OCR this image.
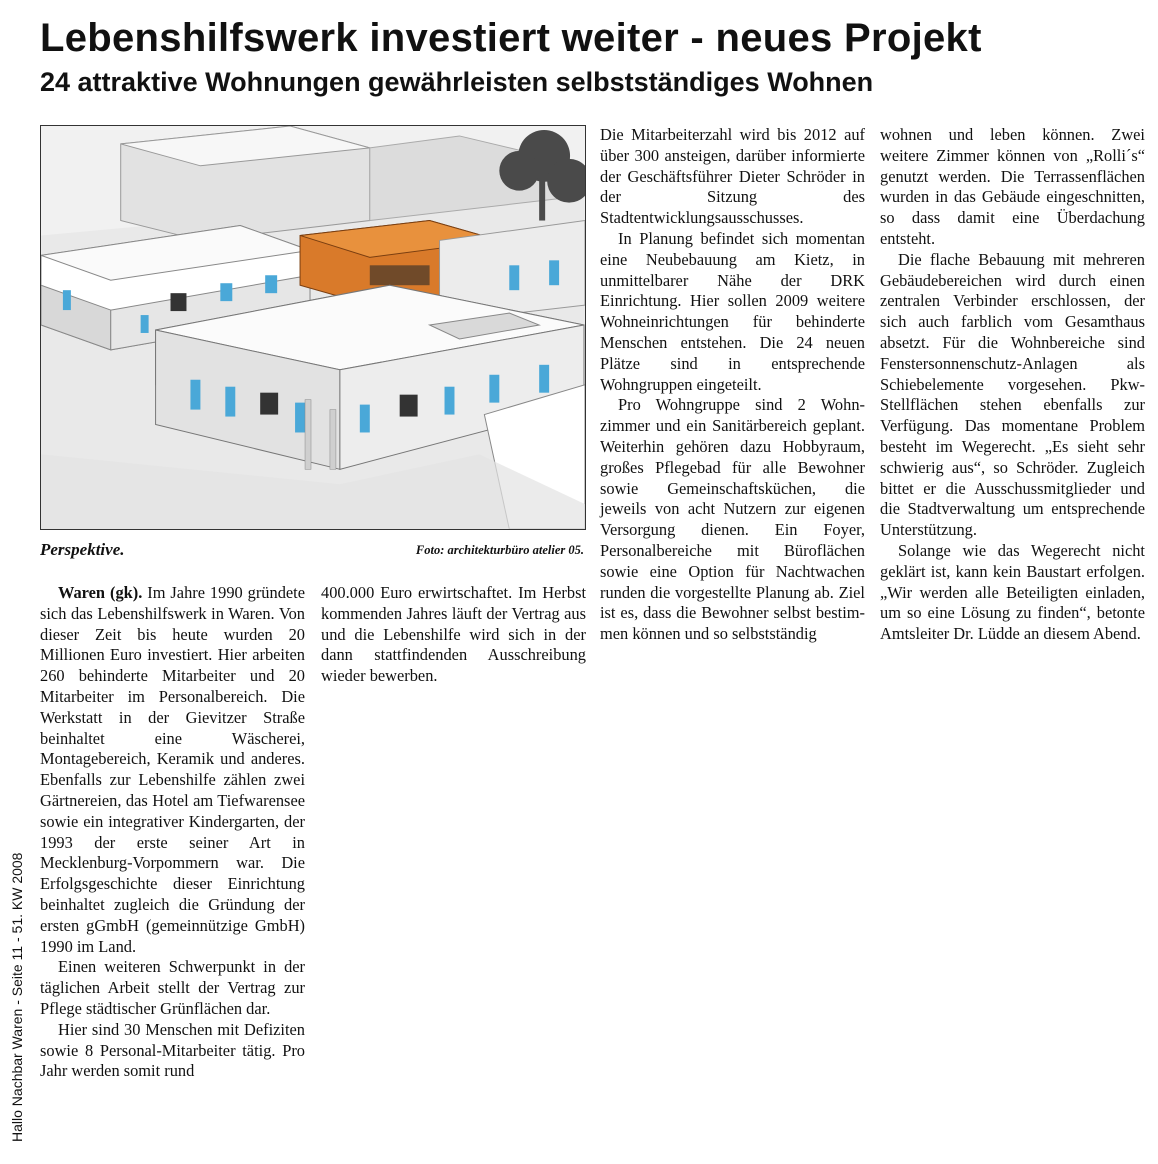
Lebenshilfswerk investiert weiter - neues Projekt
24 attraktive Wohnungen gewährleisten selbstständiges Wohnen
Perspektive.	Foto: architekturbüro atelier 05.

Waren (gk). Im Jahre 1990 gründete sich das Lebenshilfswerk in Waren. Von dieser Zeit bis heute wurden 20 Millionen Euro investiert. Hier arbeiten 260 behinderte Mitarbeiter und 20 Mitarbeiter im Personalbereich. Die Werkstatt in der Gievitzer Straße beinhaltet eine Wäscherei, Montagebereich, Keramik und anderes. Ebenfalls zur Lebenshilfe zählen zwei Gärtnereien, das Hotel am Tiefwarensee sowie ein integrativer Kindergarten, der 1993 der erste seiner Art in Mecklenburg-Vorpommern war. Die Erfolgsgeschichte dieser Einrichtung beinhaltet zugleich die Gründung der ersten gGmbH (gemeinnützige GmbH) 1990 im Land.

Einen weiteren Schwerpunkt in der täglichen Arbeit stellt der Vertrag zur Pflege städtischer Grünflächen dar.

Hier sind 30 Menschen mit Defiziten sowie 8 Personal-Mitarbeiter tätig. Pro Jahr werden somit rund

400.000 Euro erwirtschaftet. Im Herbst kommenden Jahres läuft der Vertrag aus und die Lebenshilfe wird sich in der dann stattfindenden Ausschreibung wieder bewerben.

Die Mitarbeiterzahl wird bis 2012 auf über 300 ansteigen, darüber informierte der Geschäftsführer Dieter Schröder in der Sitzung des Stadtentwicklungsausschusses.

In Planung befindet sich momentan eine Neubebauung am Kietz, in unmittelbarer Nähe der DRK Einrichtung. Hier sollen 2009 weitere Wohneinrichtungen für behinderte Menschen entstehen. Die 24 neuen Plätze sind in entsprechende Wohngruppen eingeteilt.

Pro Wohngruppe sind 2 Wohnzimmer und ein Sanitärbereich geplant. Weiterhin gehören dazu Hobbyraum, großes Pflegebad für alle Bewohner sowie Gemeinschaftsküchen, die jeweils von acht Nutzern zur eigenen Versorgung dienen. Ein Foyer, Personalbereiche mit Büroflächen sowie eine Option für Nachtwachen runden die vorgestellte Planung ab. Ziel ist es, dass die Bewohner selbst bestimmen können und so selbstständig

wohnen und leben können. Zwei weitere Zimmer können von „Rolli´s“ genutzt werden. Die Terrassenflächen wurden in das Gebäude eingeschnitten, so dass damit eine Überdachung entsteht.

Die flache Bebauung mit mehreren Gebäudebereichen wird durch einen zentralen Verbinder erschlossen, der sich auch farblich vom Gesamthaus absetzt. Für die Wohnbereiche sind Fenstersonnenschutz-Anlagen als Schiebelemente vorgesehen. Pkw-Stellflächen stehen ebenfalls zur Verfügung. Das momentane Problem besteht im Wegerecht. „Es sieht sehr schwierig aus“, so Schröder. Zugleich bittet er die Ausschussmitglieder und die Stadtverwaltung um entsprechende Unterstützung.

Solange wie das Wegerecht nicht geklärt ist, kann kein Baustart erfolgen. „Wir werden alle Beteiligten einladen, um so eine Lösung zu finden“, betonte Amtsleiter Dr. Lüdde an diesem Abend.

Hallo Nachbar Waren - Seite 11 - 51. KW 2008
